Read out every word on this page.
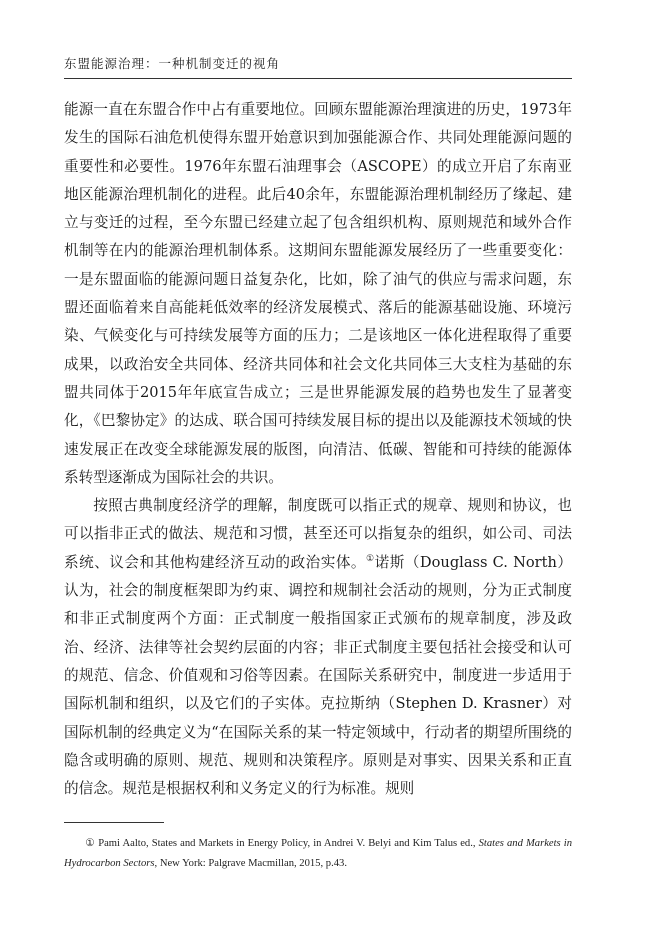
东盟能源治理：一种机制变迁的视角

能源一直在东盟合作中占有重要地位。回顾东盟能源治理演进的历史，1973年发生的国际石油危机使得东盟开始意识到加强能源合作、共同处理能源问题的重要性和必要性。1976年东盟石油理事会（ASCOPE）的成立开启了东南亚地区能源治理机制化的进程。此后40余年，东盟能源治理机制经历了缘起、建立与变迁的过程，至今东盟已经建立起了包含组织机构、原则规范和域外合作机制等在内的能源治理机制体系。这期间东盟能源发展经历了一些重要变化：一是东盟面临的能源问题日益复杂化，比如，除了油气的供应与需求问题，东盟还面临着来自高能耗低效率的经济发展模式、落后的能源基础设施、环境污染、气候变化与可持续发展等方面的压力；二是该地区一体化进程取得了重要成果，以政治安全共同体、经济共同体和社会文化共同体三大支柱为基础的东盟共同体于2015年年底宣告成立；三是世界能源发展的趋势也发生了显著变化，《巴黎协定》的达成、联合国可持续发展目标的提出以及能源技术领域的快速发展正在改变全球能源发展的版图，向清洁、低碳、智能和可持续的能源体系转型逐渐成为国际社会的共识。

按照古典制度经济学的理解，制度既可以指正式的规章、规则和协议，也可以指非正式的做法、规范和习惯，甚至还可以指复杂的组织，如公司、司法系统、议会和其他构建经济互动的政治实体。①诺斯（Douglass C. North）认为，社会的制度框架即为约束、调控和规制社会活动的规则，分为正式制度和非正式制度两个方面：正式制度一般指国家正式颁布的规章制度，涉及政治、经济、法律等社会契约层面的内容；非正式制度主要包括社会接受和认可的规范、信念、价值观和习俗等因素。在国际关系研究中，制度进一步适用于国际机制和组织，以及它们的子实体。克拉斯纳（Stephen D. Krasner）对国际机制的经典定义为“在国际关系的某一特定领域中，行动者的期望所围绕的隐含或明确的原则、规范、规则和决策程序。原则是对事实、因果关系和正直的信念。规范是根据权利和义务定义的行为标准。规则

① Pami Aalto, States and Markets in Energy Policy, in Andrei V. Belyi and Kim Talus ed., States and Markets in Hydrocarbon Sectors, New York: Palgrave Macmillan, 2015, p.43.
